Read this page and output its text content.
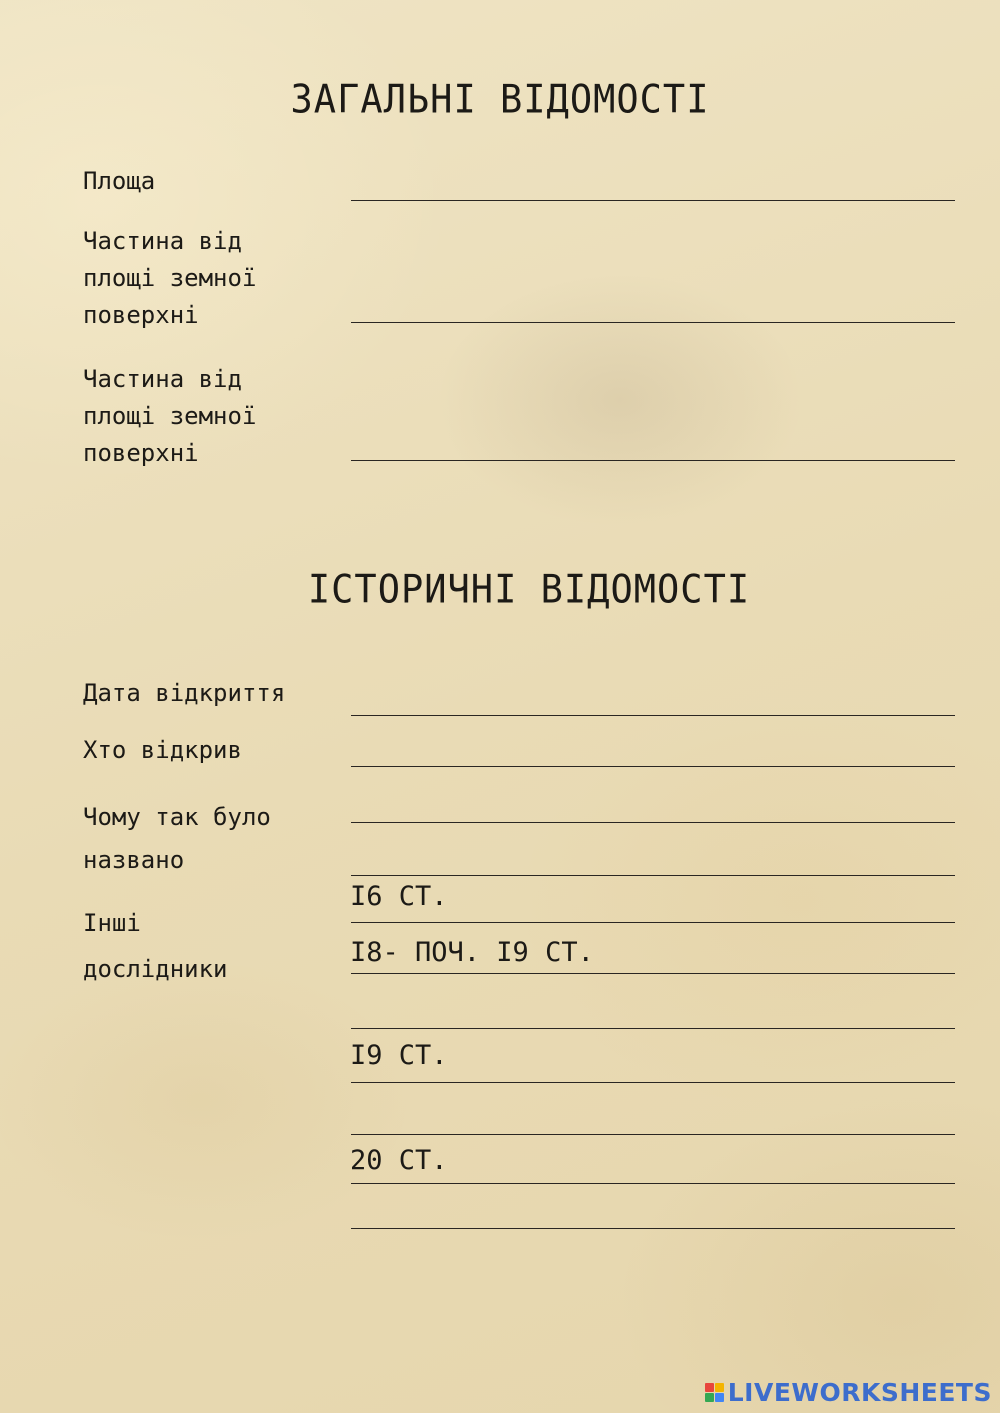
ЗАГАЛЬНІ ВІДОМОСТІ
Площа
Частина від
площі земної
поверхні
Частина від
площі земної
поверхні
ІСТОРИЧНІ ВІДОМОСТІ
Дата відкриття
Хто відкрив
Чому так було
названо
Інші
дослідники
I6 СТ.
I8- ПОЧ. I9 СТ.
I9 СТ.
20 СТ.
LIVEWORKSHEETS
